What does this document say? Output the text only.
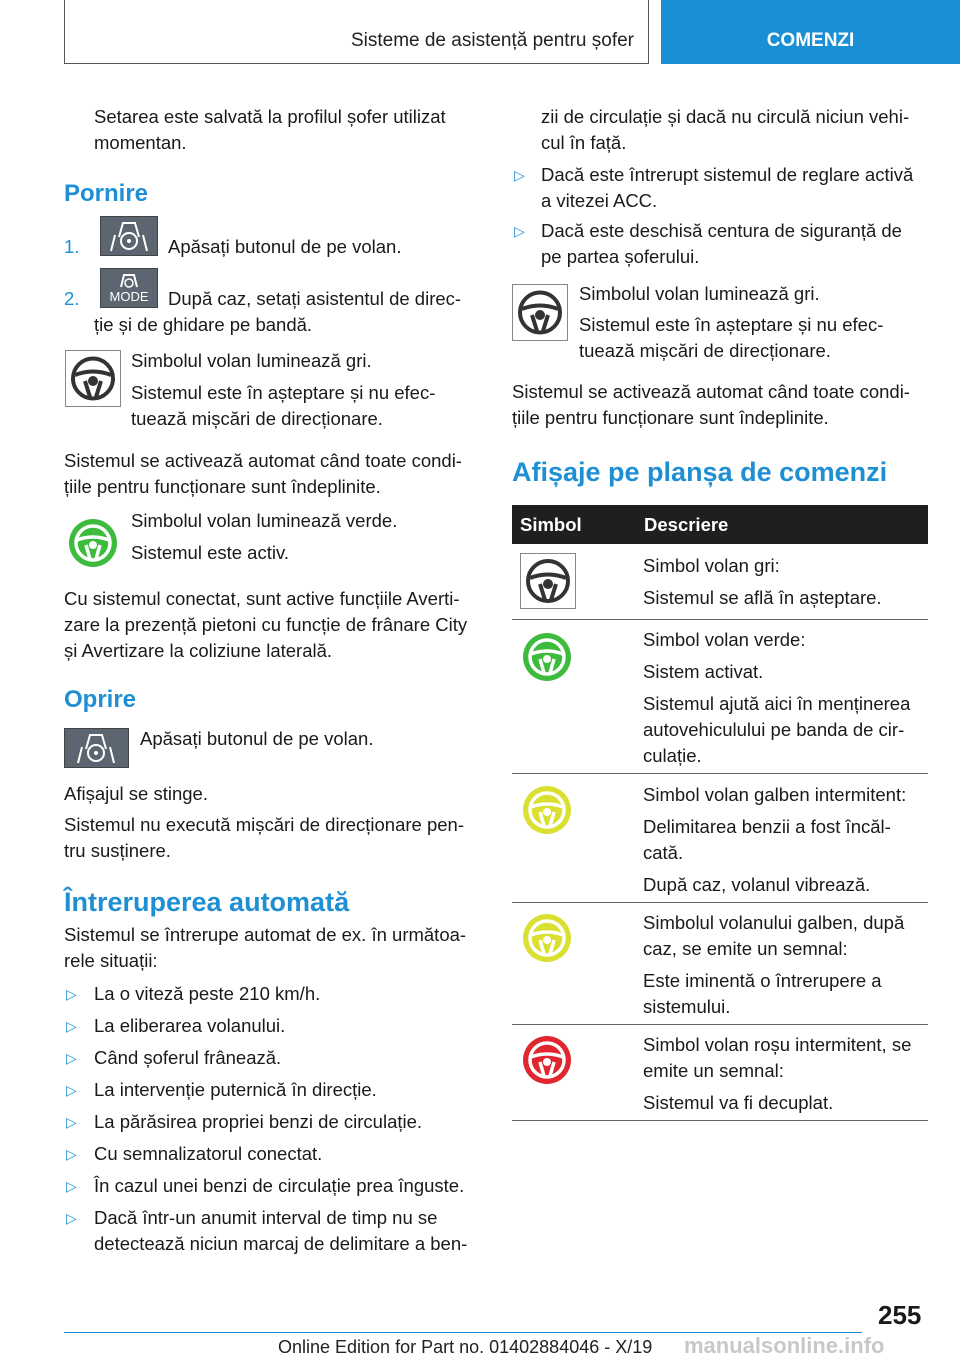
Sisteme de asistență pentru șofer	COMENZI
Setarea este salvată la profilul șofer utilizat
momentan.
Pornire
1.	Apăsați butonul de pe volan.
2.	MODE	După caz, setați asistentul de direc-
ție și de ghidare pe bandă.
Simbolul volan luminează gri.
Sistemul este în așteptare și nu efec-
tuează mișcări de direcționare.
Sistemul se activează automat când toate condi-
țiile pentru funcționare sunt îndeplinite.
Simbolul volan luminează verde.
Sistemul este activ.
Cu sistemul conectat, sunt active funcțiile Averti-
zare la prezență pietoni cu funcție de frânare City
și Avertizare la coliziune laterală.
Oprire
Apăsați butonul de pe volan.
Afișajul se stinge.
Sistemul nu execută mișcări de direcționare pen-
tru susținere.
Întreruperea automată
Sistemul se întrerupe automat de ex. în următoa-
rele situații:
▷ La o viteză peste 210 km/h.
▷ La eliberarea volanului.
▷ Când șoferul frânează.
▷ La intervenție puternică în direcție.
▷ La părăsirea propriei benzi de circulație.
▷ Cu semnalizatorul conectat.
▷ În cazul unei benzi de circulație prea înguste.
▷ Dacă într-un anumit interval de timp nu se
detectează niciun marcaj de delimitare a ben-
zii de circulație și dacă nu circulă niciun vehi-
cul în față.
▷ Dacă este întrerupt sistemul de reglare activă
a vitezei ACC.
▷ Dacă este deschisă centura de siguranță de
pe partea șoferului.
Simbolul volan luminează gri.
Sistemul este în așteptare și nu efec-
tuează mișcări de direcționare.
Sistemul se activează automat când toate condi-
țiile pentru funcționare sunt îndeplinite.
Afișaje pe planșa de comenzi
Simbol	Descriere
Simbol volan gri:
Sistemul se află în așteptare.
Simbol volan verde:
Sistem activat.
Sistemul ajută aici în menținerea
autovehiculului pe banda de cir-
culație.
Simbol volan galben intermitent:
Delimitarea benzii a fost încăl-
cată.
După caz, volanul vibrează.
Simbolul volanului galben, după
caz, se emite un semnal:
Este iminentă o întrerupere a
sistemului.
Simbol volan roșu intermitent, se
emite un semnal:
Sistemul va fi decuplat.
255
Online Edition for Part no. 01402884046 - X/19 manualsonline.info
